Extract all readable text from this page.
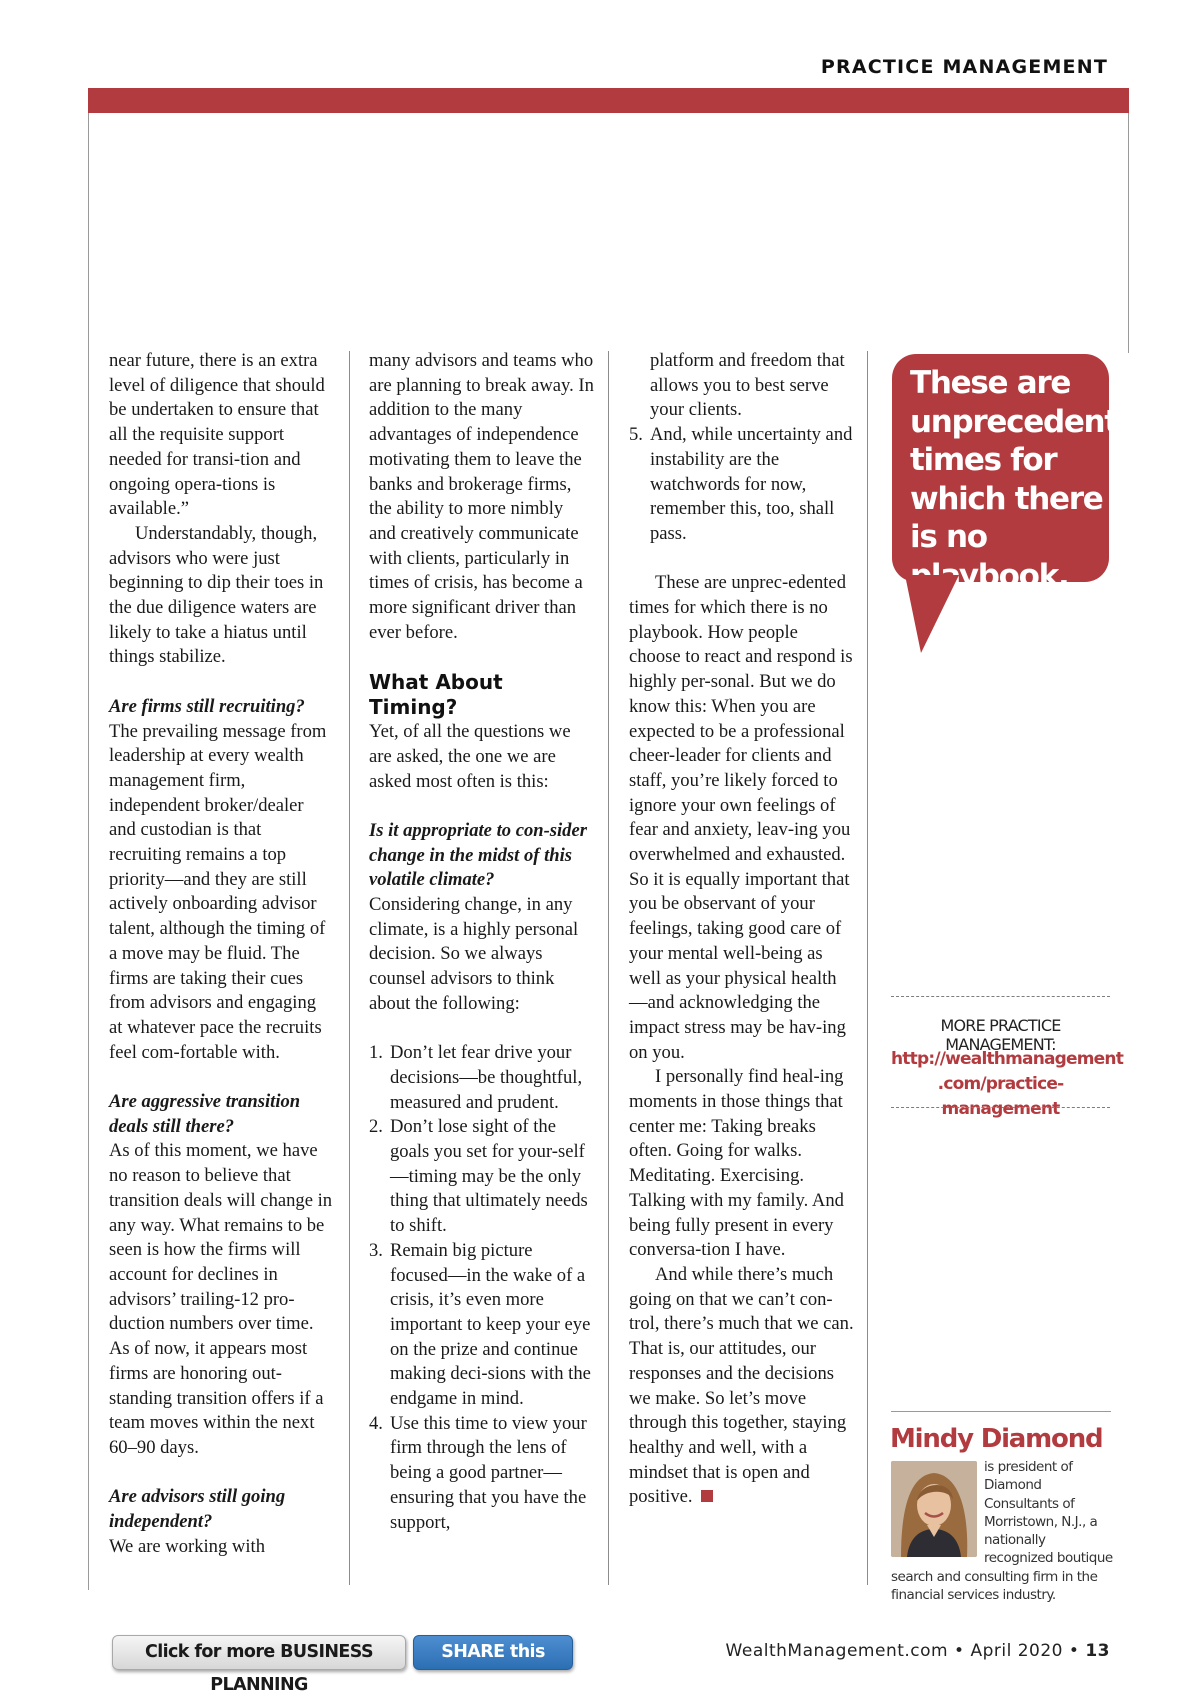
PRACTICE MANAGEMENT

near future, there is an extra level of diligence that should be undertaken to ensure that all the requisite support needed for transi-tion and ongoing opera-tions is available.”

Understandably, though, advisors who were just beginning to dip their toes in the due diligence waters are likely to take a hiatus until things stabilize.

Are firms still recruiting?

The prevailing message from leadership at every wealth management firm, independent broker/dealer and custodian is that recruiting remains a top priority—and they are still actively onboarding advisor talent, although the timing of a move may be fluid. The firms are taking their cues from advisors and engaging at whatever pace the recruits feel com-fortable with.

Are aggressive transition deals still there?

As of this moment, we have no reason to believe that transition deals will change in any way. What remains to be seen is how the firms will account for declines in advisors’ trailing-12 pro-duction numbers over time. As of now, it appears most firms are honoring out-standing transition offers if a team moves within the next 60–90 days.

Are advisors still going independent?

We are working with

many advisors and teams who are planning to break away. In addition to the many advantages of independence motivating them to leave the banks and brokerage firms, the ability to more nimbly and creatively communicate with clients, particularly in times of crisis, has become a more significant driver than ever before.

What About Timing?

Yet, of all the questions we are asked, the one we are asked most often is this:

Is it appropriate to con-sider change in the midst of this volatile climate?

Considering change, in any climate, is a highly personal decision. So we always counsel advisors to think about the following:

1. Don’t let fear drive your decisions—be thoughtful, measured and prudent.
2. Don’t lose sight of the goals you set for your-self—timing may be the only thing that ultimately needs to shift.
3. Remain big picture focused—in the wake of a crisis, it’s even more important to keep your eye on the prize and continue making deci-sions with the endgame in mind.
4. Use this time to view your firm through the lens of being a good partner—ensuring that you have the support,
platform and freedom that allows you to best serve your clients.
5. And, while uncertainty and instability are the watchwords for now, remember this, too, shall pass.

These are unprec-edented times for which there is no playbook. How people choose to react and respond is highly per-sonal. But we do know this: When you are expected to be a professional cheer-leader for clients and staff, you’re likely forced to ignore your own feelings of fear and anxiety, leav-ing you overwhelmed and exhausted. So it is equally important that you be observant of your feelings, taking good care of your mental well-being as well as your physical health—and acknowledging the impact stress may be hav-ing on you.

I personally find heal-ing moments in those things that center me: Taking breaks often. Going for walks. Meditating. Exercising. Talking with my family. And being fully present in every conversa-tion I have.

And while there’s much going on that we can’t con-trol, there’s much that we can. That is, our attitudes, our responses and the decisions we make. So let’s move through this together, staying healthy and well, with a mindset that is open and positive.

These are unprecedented times for which there is no playbook.
MORE PRACTICE MANAGEMENT:
http://wealthmanagement
.com/practice-management
Mindy Diamond
is president of Diamond Consultants of Morristown, N.J., a nationally recognized boutique search and consulting firm in the financial services industry.
Click for more BUSINESS PLANNING
SHARE this article
WealthManagement.com • April 2020 • 13
